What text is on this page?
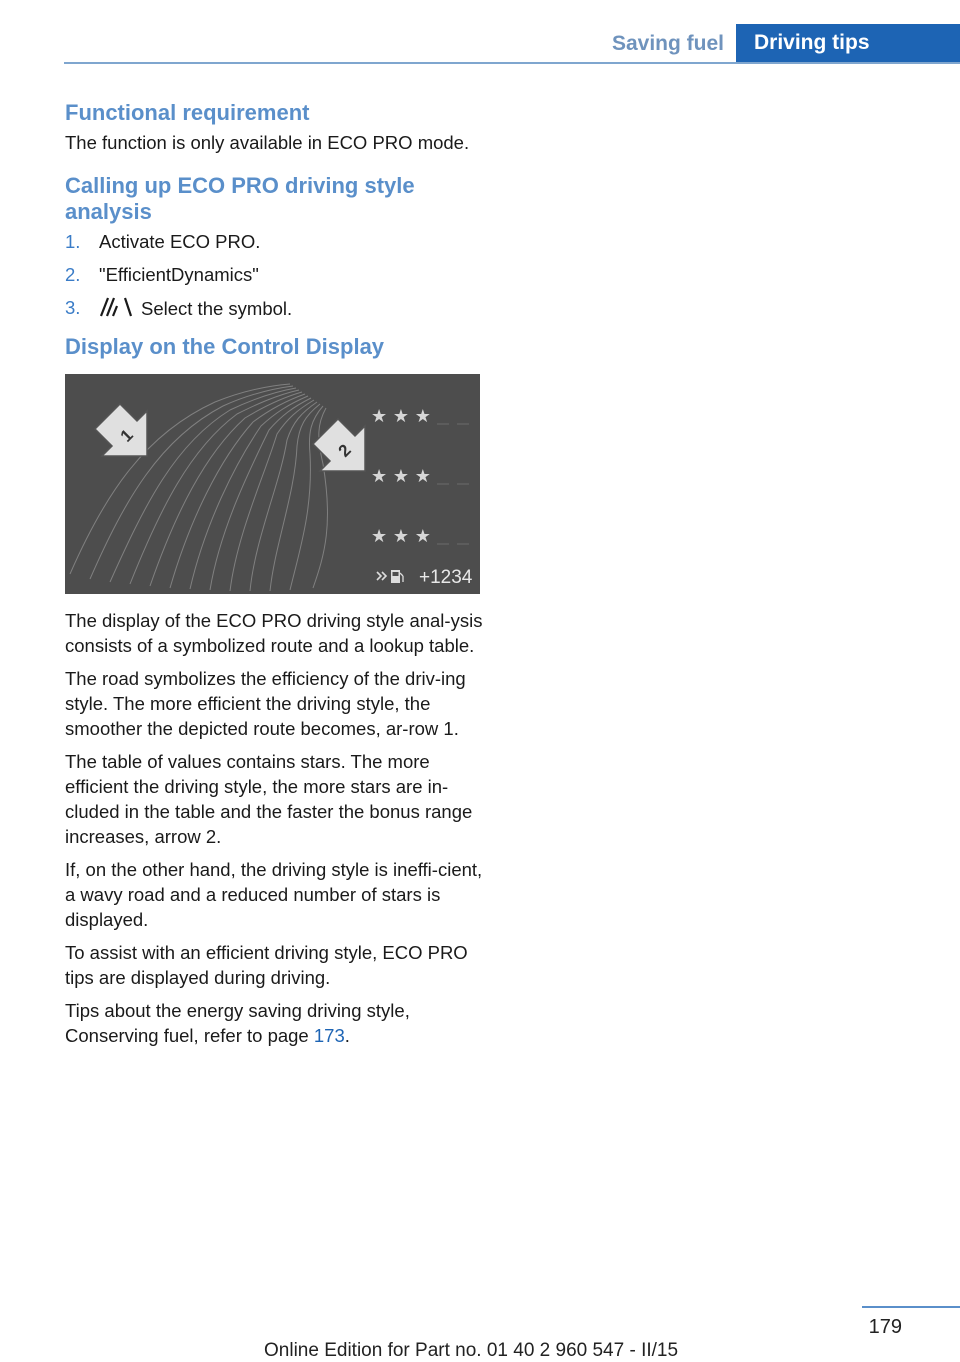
Saving fuel	Driving tips
Functional requirement

The function is only available in ECO PRO mode.

Calling up ECO PRO driving style analysis
1.	Activate ECO PRO.
2.	"EfficientDynamics"
3.	Select the symbol.
Display on the Control Display
★ ★ ★
★ ★ ★
★ ★ ★
1
2
+1234

The display of the ECO PRO driving style anal-ysis consists of a symbolized route and a lookup table.

The road symbolizes the efficiency of the driv-ing style. The more efficient the driving style, the smoother the depicted route becomes, ar-row 1.

The table of values contains stars. The more efficient the driving style, the more stars are in-cluded in the table and the faster the bonus range increases, arrow 2.

If, on the other hand, the driving style is ineffi-cient, a wavy road and a reduced number of stars is displayed.

To assist with an efficient driving style, ECO PRO tips are displayed during driving.

Tips about the energy saving driving style, Conserving fuel, refer to page 173.

179
Online Edition for Part no. 01 40 2 960 547 - II/15
